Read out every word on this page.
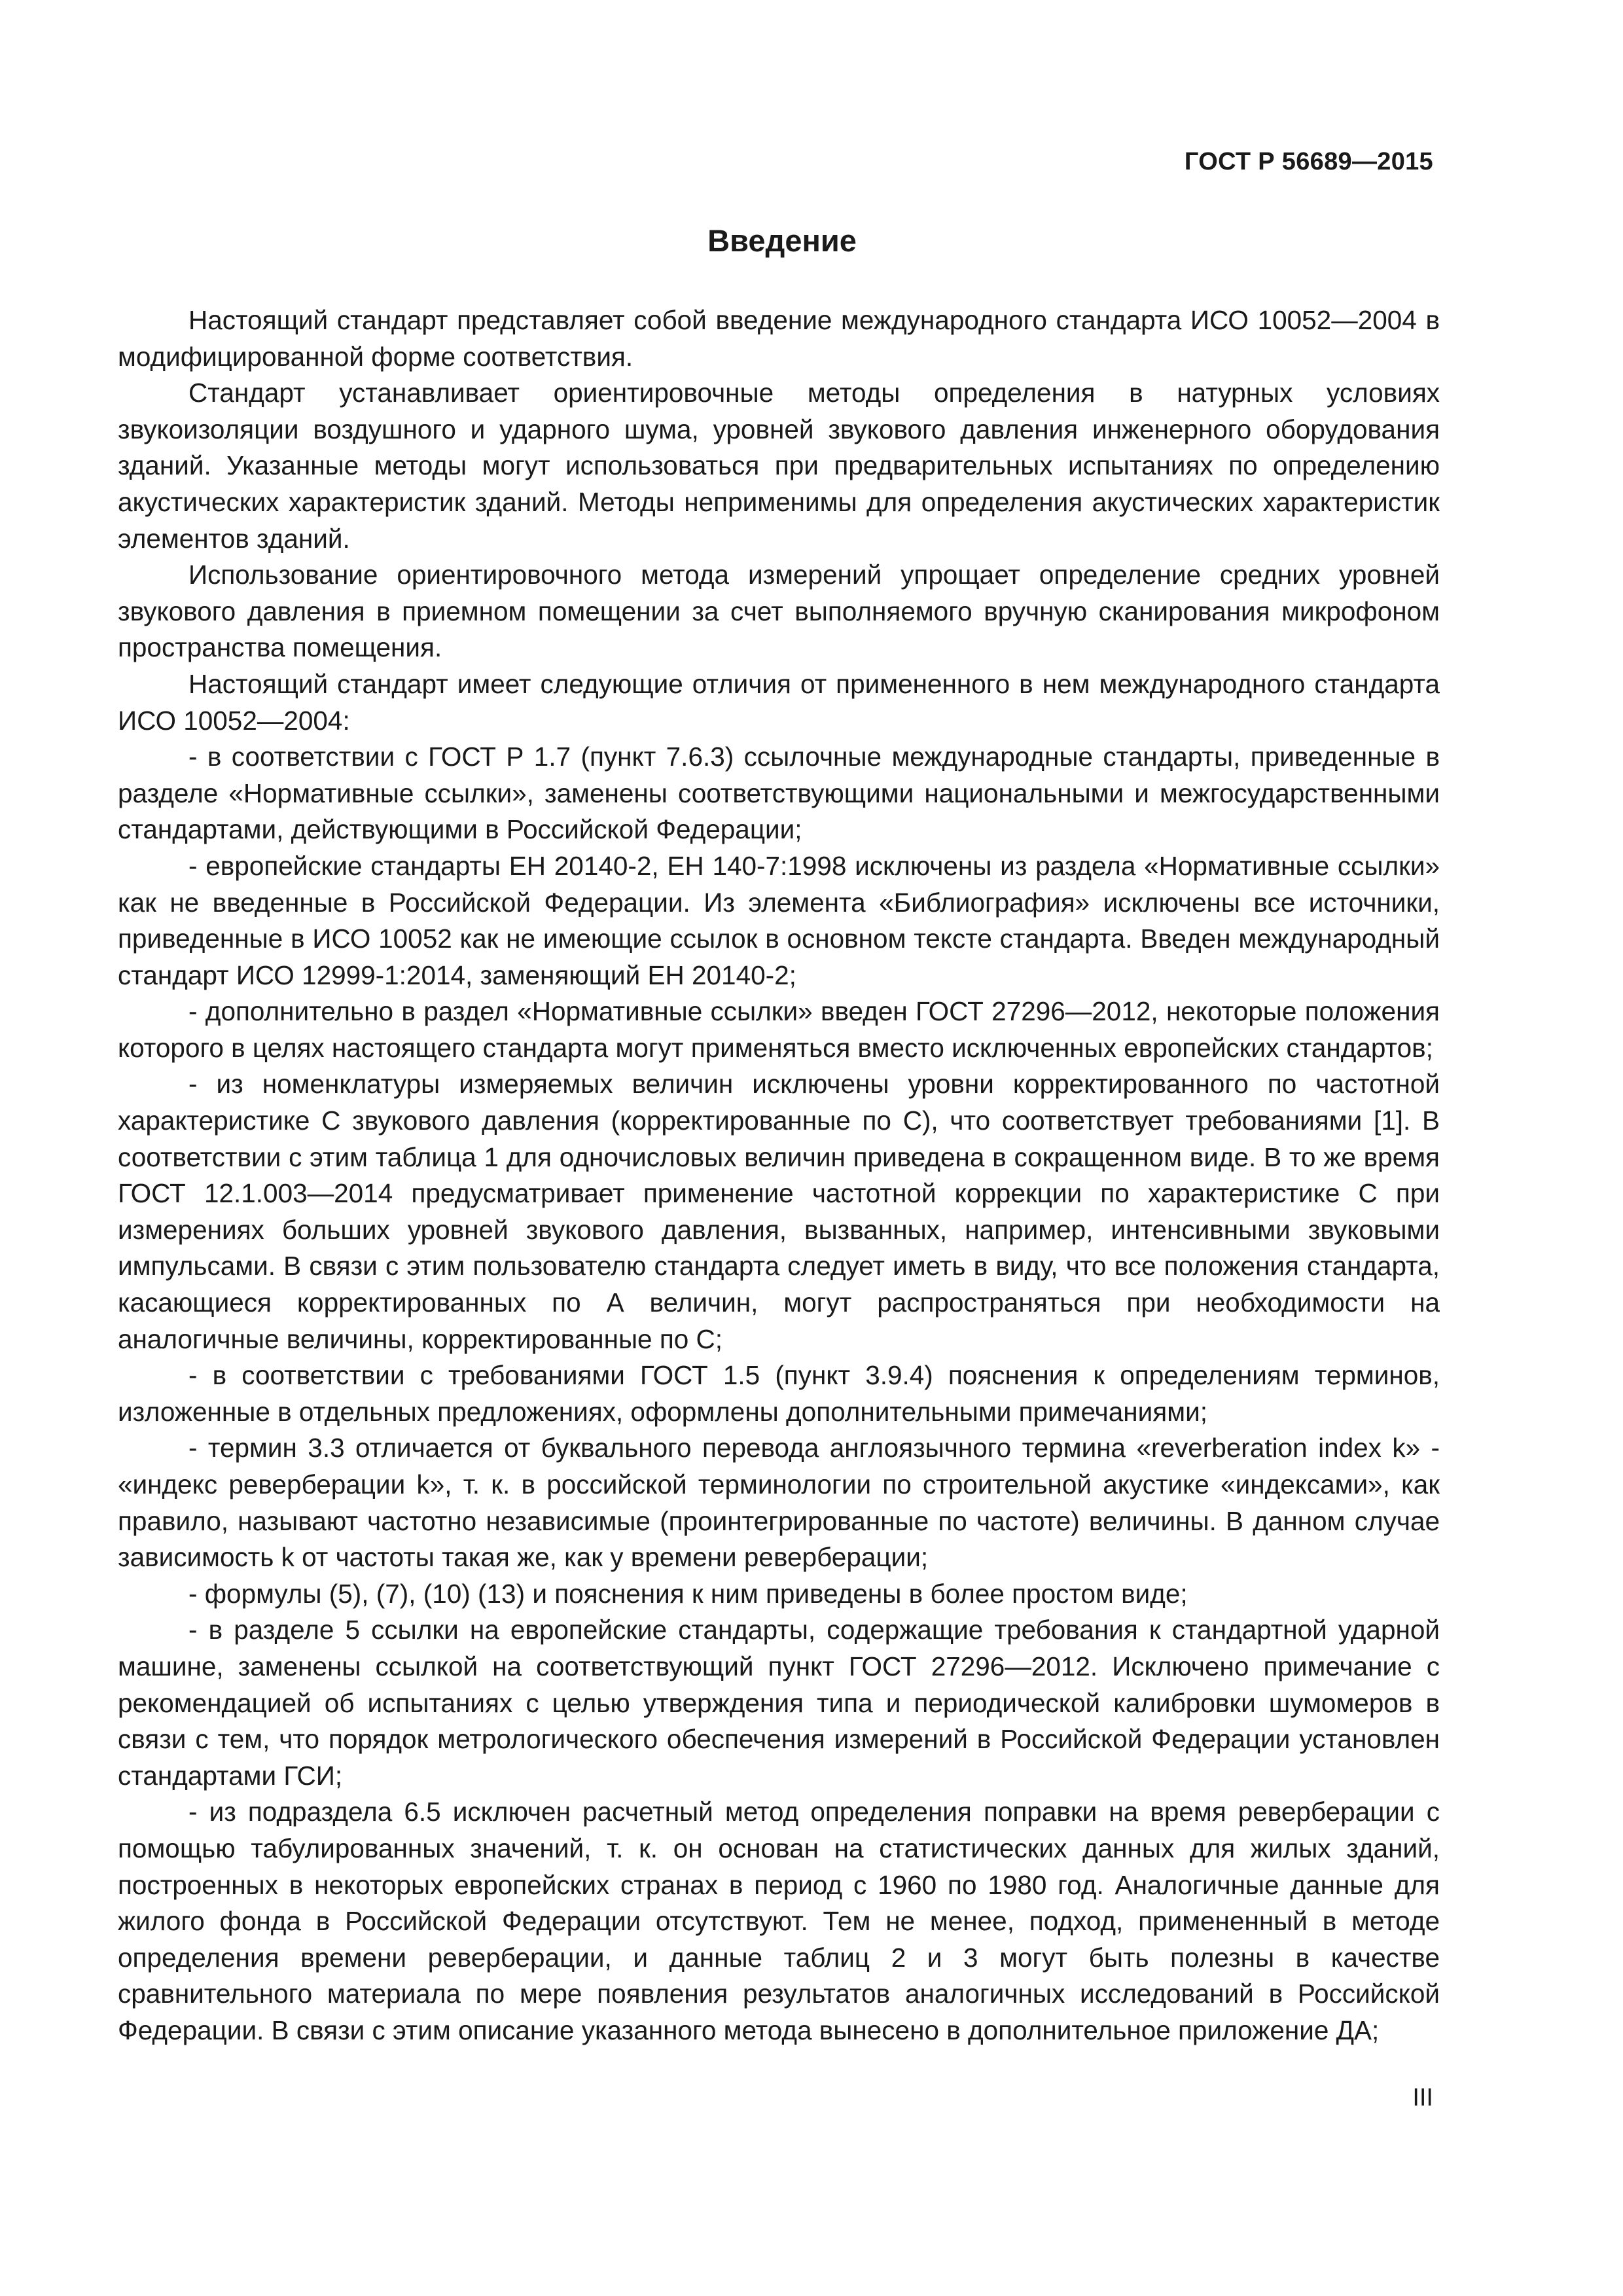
ГОСТ Р 56689—2015
Введение

Настоящий стандарт представляет собой введение международного стандарта ИСО 10052—2004 в модифицированной форме соответствия.

Стандарт устанавливает ориентировочные методы определения в натурных условиях звукоизоляции воздушного и ударного шума, уровней звукового давления инженерного оборудования зданий. Указанные методы могут использоваться при предварительных испытаниях по определению акустических характеристик зданий. Методы неприменимы для определения акустических характеристик элементов зданий.

Использование ориентировочного метода измерений упрощает определение средних уровней звукового давления в приемном помещении за счет выполняемого вручную сканирования микрофоном пространства помещения.

Настоящий стандарт имеет следующие отличия от примененного в нем международного стандарта ИСО 10052—2004:

- в соответствии с ГОСТ Р 1.7 (пункт 7.6.3) ссылочные международные стандарты, приведенные в разделе «Нормативные ссылки», заменены соответствующими национальными и межгосударственными стандартами, действующими в Российской Федерации;

- европейские стандарты ЕН 20140-2, ЕН 140-7:1998 исключены из раздела «Нормативные ссылки» как не введенные в Российской Федерации. Из элемента «Библиография» исключены все источники, приведенные в ИСО 10052 как не имеющие ссылок в основном тексте стандарта. Введен международный стандарт ИСО 12999-1:2014, заменяющий ЕН 20140-2;

- дополнительно в раздел «Нормативные ссылки» введен ГОСТ 27296—2012, некоторые положения которого в целях настоящего стандарта могут применяться вместо исключенных европейских стандартов;

- из номенклатуры измеряемых величин исключены уровни корректированного по частотной характеристике С звукового давления (корректированные по С), что соответствует требованиями [1]. В соответствии с этим таблица 1 для одночисловых величин приведена в сокращенном виде. В то же время ГОСТ 12.1.003—2014 предусматривает применение частотной коррекции по характеристике С при измерениях больших уровней звукового давления, вызванных, например, интенсивными звуковыми импульсами. В связи с этим пользователю стандарта следует иметь в виду, что все положения стандарта, касающиеся корректированных по А величин, могут распространяться при необходимости на аналогичные величины, корректированные по С;

- в соответствии с требованиями ГОСТ 1.5 (пункт 3.9.4) пояснения к определениям терминов, изложенные в отдельных предложениях, оформлены дополнительными примечаниями;

- термин 3.3 отличается от буквального перевода англоязычного термина «reverberation index k» - «индекс реверберации k», т. к. в российской терминологии по строительной акустике «индексами», как правило, называют частотно независимые (проинтегрированные по частоте) величины. В данном случае зависимость k от частоты такая же, как у времени реверберации;

- формулы (5), (7), (10) (13) и пояснения к ним приведены в более простом виде;

- в разделе 5 ссылки на европейские стандарты, содержащие требования к стандартной ударной машине, заменены ссылкой на соответствующий пункт ГОСТ 27296—2012. Исключено примечание с рекомендацией об испытаниях с целью утверждения типа и периодической калибровки шумомеров в связи с тем, что порядок метрологического обеспечения измерений в Российской Федерации установлен стандартами ГСИ;

- из подраздела 6.5 исключен расчетный метод определения поправки на время реверберации с помощью табулированных значений, т. к. он основан на статистических данных для жилых зданий, построенных в некоторых европейских странах в период с 1960 по 1980 год. Аналогичные данные для жилого фонда в Российской Федерации отсутствуют. Тем не менее, подход, примененный в методе определения времени реверберации, и данные таблиц 2 и 3 могут быть полезны в качестве сравнительного материала по мере появления результатов аналогичных исследований в Российской Федерации. В связи с этим описание указанного метода вынесено в дополнительное приложение ДА;

III
